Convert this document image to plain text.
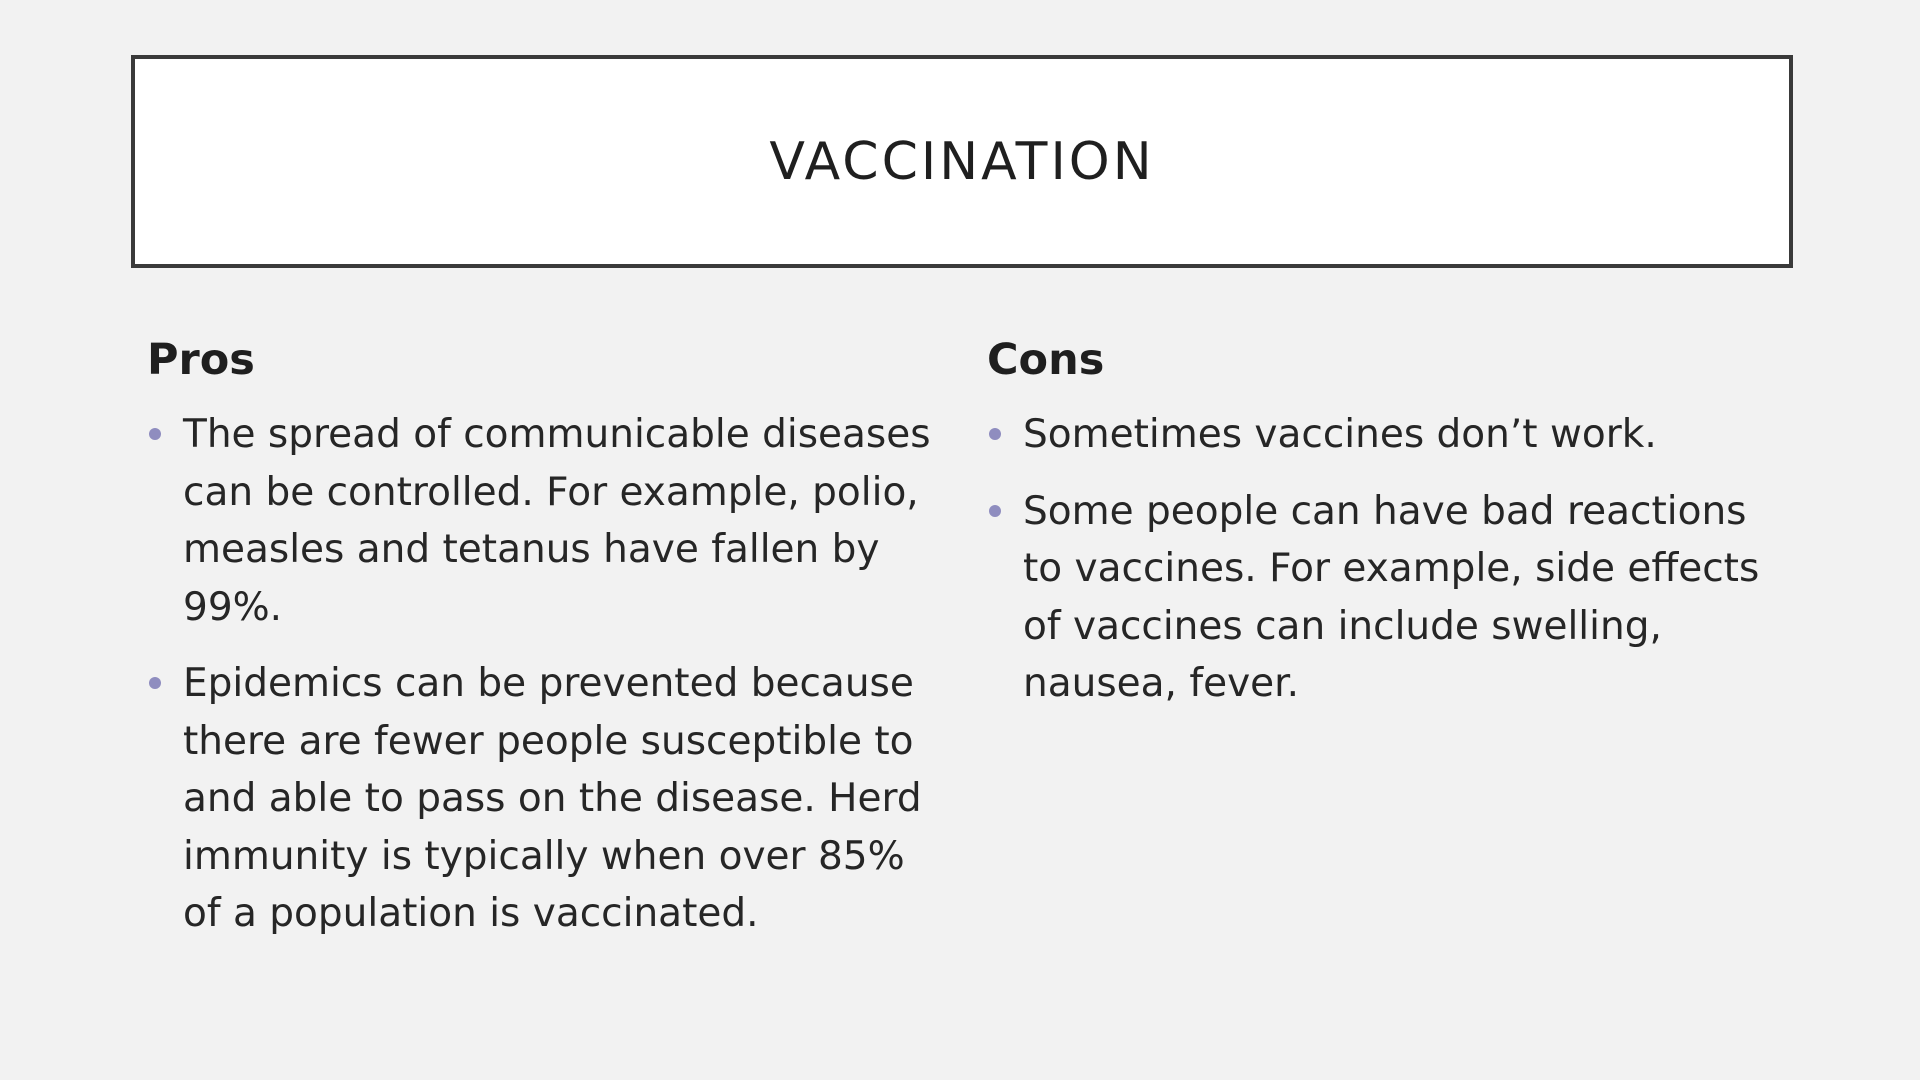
VACCINATION
Pros
The spread of communicable diseases can be controlled. For example, polio, measles and tetanus have fallen by 99%.
Epidemics can be prevented because there are fewer people susceptible to and able to pass on the disease. Herd immunity is typically when over 85% of a population is vaccinated.
Cons
Sometimes vaccines don’t work.
Some people can have bad reactions to vaccines. For example, side effects of vaccines can include swelling, nausea, fever.
